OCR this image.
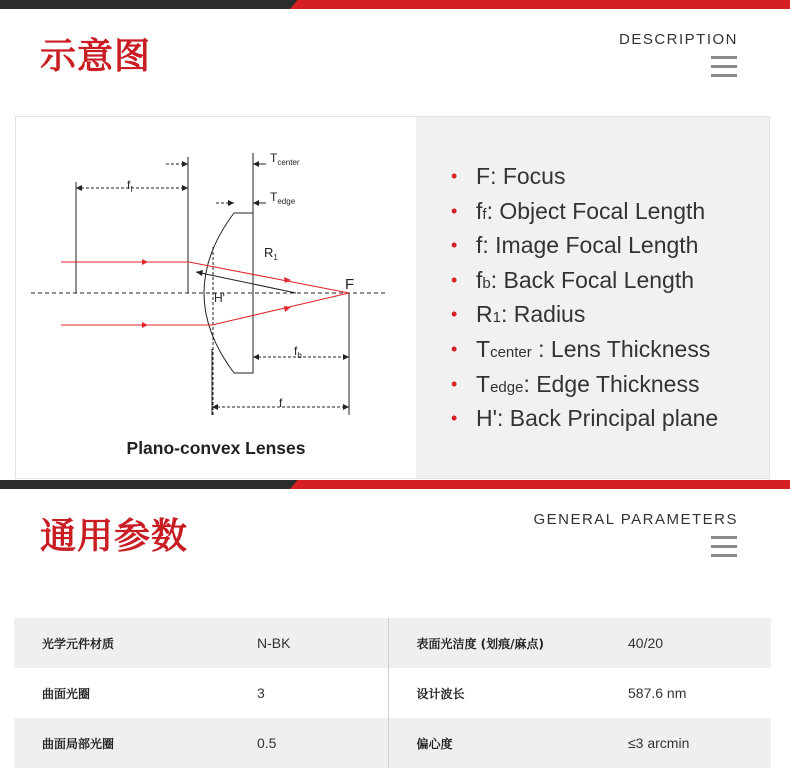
示意图	DESCRIPTION
$T_{center}$
$T_{edge}$
$f_f$
$R_1$
F
H'
$f_b$
f
Plano-convex Lenses
• F: Focus
• ff: Object Focal Length
• f: Image Focal Length
• fb: Back Focal Length
• R1: Radius
• Tcenter : Lens Thickness
• Tedge: Edge Thickness
• H': Back Principal plane
通用参数	GENERAL PARAMETERS
光学元件材质	N-BK	表面光洁度 (划痕/麻点)	40/20
曲面光圈	3	设计波长	587.6 nm
曲面局部光圈	0.5	偏心度	≤3 arcmin
